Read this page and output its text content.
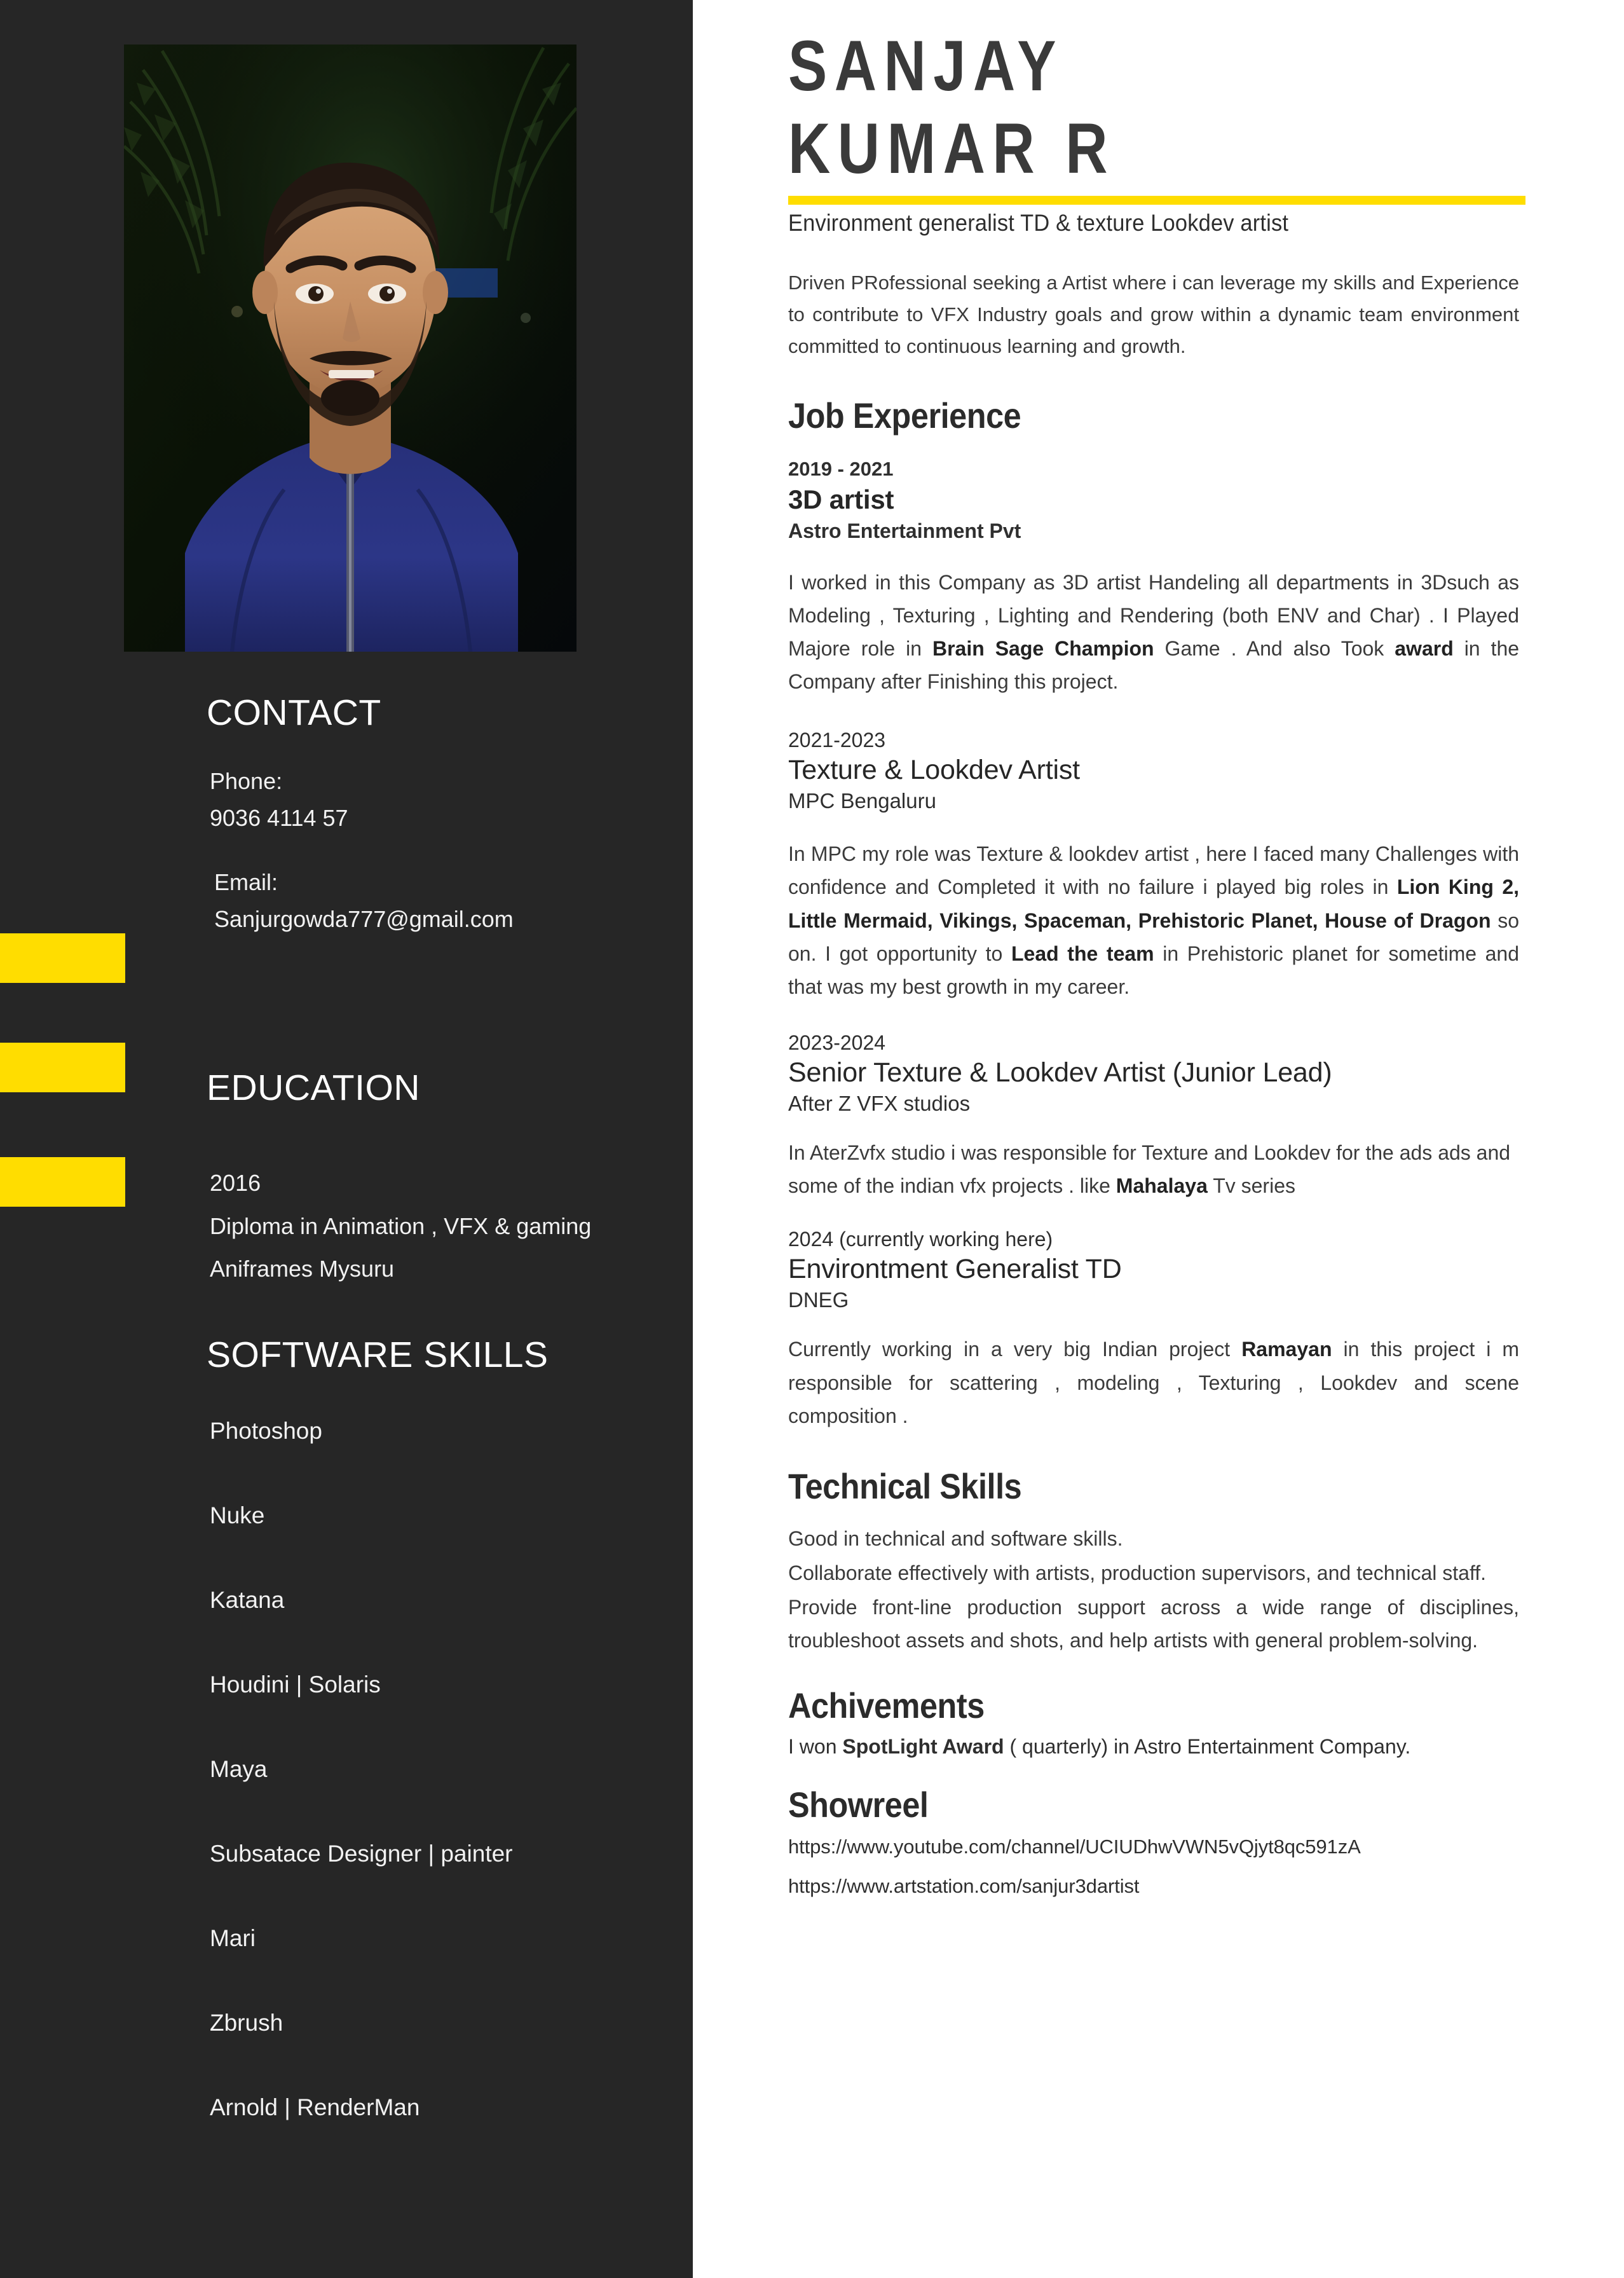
CONTACT

Phone:

9036 4114 57

Email:

Sanjurgowda777@gmail.com

EDUCATION

2016

Diploma in Animation , VFX & gaming

Aniframes Mysuru

SOFTWARE SKILLS

Photoshop

Nuke

Katana

Houdini | Solaris

Maya

Subsatace Designer | painter

Mari

Zbrush

Arnold | RenderMan

SANJAY
KUMAR R

Environment generalist TD & texture Lookdev artist

Driven PRofessional seeking a Artist where i can leverage my skills and Experience to contribute to VFX Industry goals and grow within a dynamic team environment committed to continuous learning and growth.

Job Experience

2019 - 2021

3D artist

Astro Entertainment Pvt

I worked in this Company as 3D artist Handeling all departments in 3Dsuch as Modeling , Texturing , Lighting and Rendering (both ENV and Char) . I Played Majore role in Brain Sage Champion Game . And also Took award in the Company after Finishing this project.

2021-2023

Texture & Lookdev Artist

MPC Bengaluru

In MPC my role was Texture & lookdev artist , here I faced many Challenges with confidence and Completed it with no failure i played big roles in Lion King 2, Little Mermaid, Vikings, Spaceman, Prehistoric Planet, House of Dragon so on. I got opportunity to Lead the team in Prehistoric planet for sometime and that was my best growth in my career.

2023-2024

Senior Texture & Lookdev Artist (Junior Lead)

After Z VFX studios

In AterZvfx studio i was responsible for Texture and Lookdev for the ads ads and some of the indian vfx projects . like Mahalaya Tv series

2024 (currently working here)

Environtment Generalist TD

DNEG

Currently working in a very big Indian project Ramayan in this project i m responsible for scattering , modeling , Texturing , Lookdev and scene composition .

Technical Skills

Good in technical and software skills.

Collaborate effectively with artists, production supervisors, and technical staff.

Provide front-line production support across a wide range of disciplines, troubleshoot assets and shots, and help artists with general problem-solving.

Achivements

I won SpotLight Award ( quarterly) in Astro Entertainment Company.

Showreel

https://www.youtube.com/channel/UCIUDhwVWN5vQjyt8qc591zA

https://www.artstation.com/sanjur3dartist
